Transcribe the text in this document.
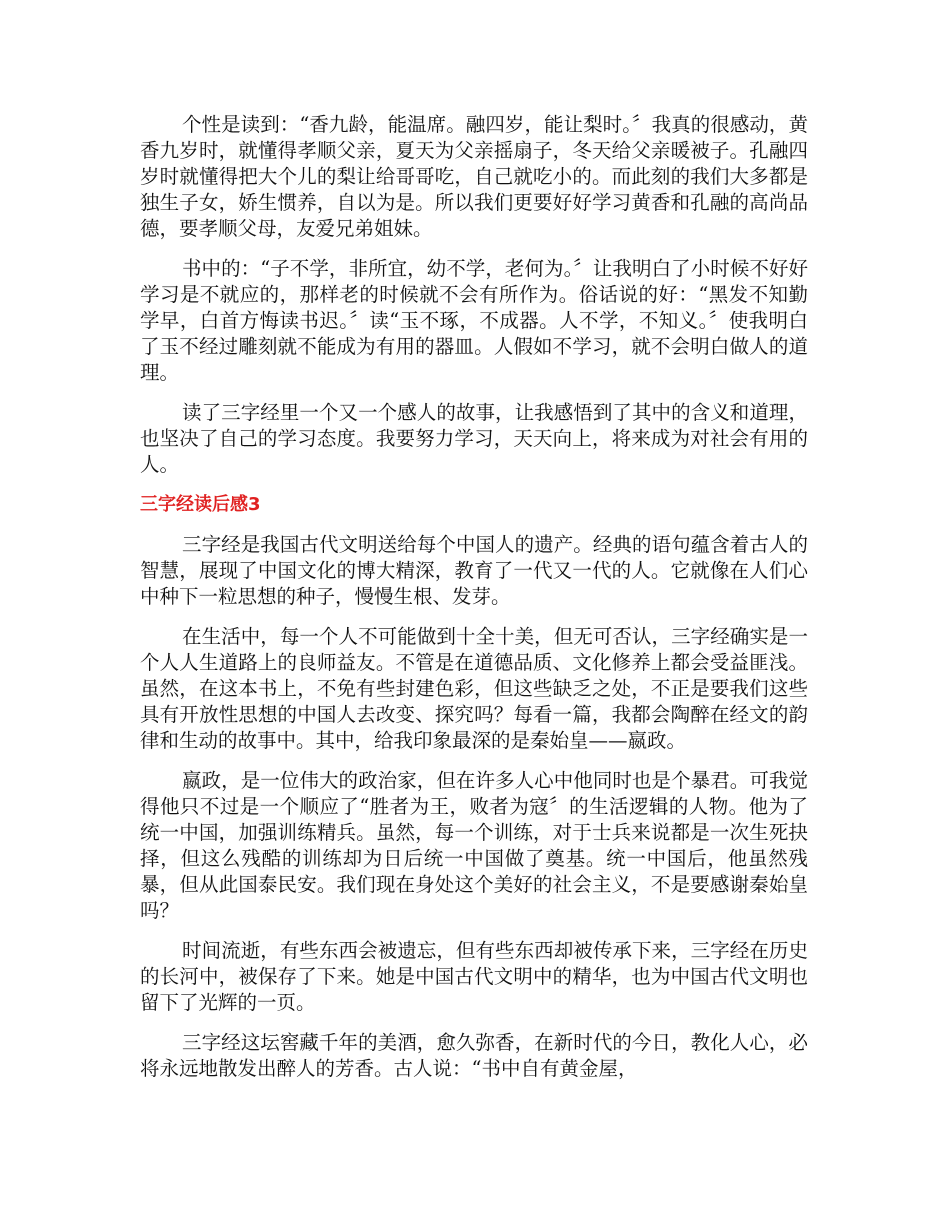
个性是读到：“香九龄，能温席。融四岁，能让梨时。〞我真的很感动，黄香九岁时，就懂得孝顺父亲，夏天为父亲摇扇子，冬天给父亲暖被子。孔融四岁时就懂得把大个儿的梨让给哥哥吃，自己就吃小的。而此刻的我们大多都是独生子女，娇生惯养，自以为是。所以我们更要好好学习黄香和孔融的高尚品德，要孝顺父母，友爱兄弟姐妹。

书中的：“子不学，非所宜，幼不学，老何为。〞让我明白了小时候不好好学习是不就应的，那样老的时候就不会有所作为。俗话说的好：“黑发不知勤学早，白首方悔读书迟。〞读“玉不琢，不成器。人不学，不知义。〞使我明白了玉不经过雕刻就不能成为有用的器皿。人假如不学习，就不会明白做人的道理。

读了三字经里一个又一个感人的故事，让我感悟到了其中的含义和道理，也坚决了自己的学习态度。我要努力学习，天天向上，将来成为对社会有用的人。

三字经读后感3

三字经是我国古代文明送给每个中国人的遗产。经典的语句蕴含着古人的智慧，展现了中国文化的博大精深，教育了一代又一代的人。它就像在人们心中种下一粒思想的种子，慢慢生根、发芽。

在生活中，每一个人不可能做到十全十美，但无可否认，三字经确实是一个人人生道路上的良师益友。不管是在道德品质、文化修养上都会受益匪浅。虽然，在这本书上，不免有些封建色彩，但这些缺乏之处，不正是要我们这些具有开放性思想的中国人去改变、探究吗？每看一篇，我都会陶醉在经文的韵律和生动的故事中。其中，给我印象最深的是秦始皇——嬴政。

嬴政，是一位伟大的政治家，但在许多人心中他同时也是个暴君。可我觉得他只不过是一个顺应了“胜者为王，败者为寇〞的生活逻辑的人物。他为了统一中国，加强训练精兵。虽然，每一个训练，对于士兵来说都是一次生死抉择，但这么残酷的训练却为日后统一中国做了奠基。统一中国后，他虽然残暴，但从此国泰民安。我们现在身处这个美好的社会主义，不是要感谢秦始皇吗？

时间流逝，有些东西会被遗忘，但有些东西却被传承下来，三字经在历史的长河中，被保存了下来。她是中国古代文明中的精华，也为中国古代文明也留下了光辉的一页。

三字经这坛窖藏千年的美酒，愈久弥香，在新时代的今日，教化人心，必将永远地散发出醉人的芳香。古人说：“书中自有黄金屋，
